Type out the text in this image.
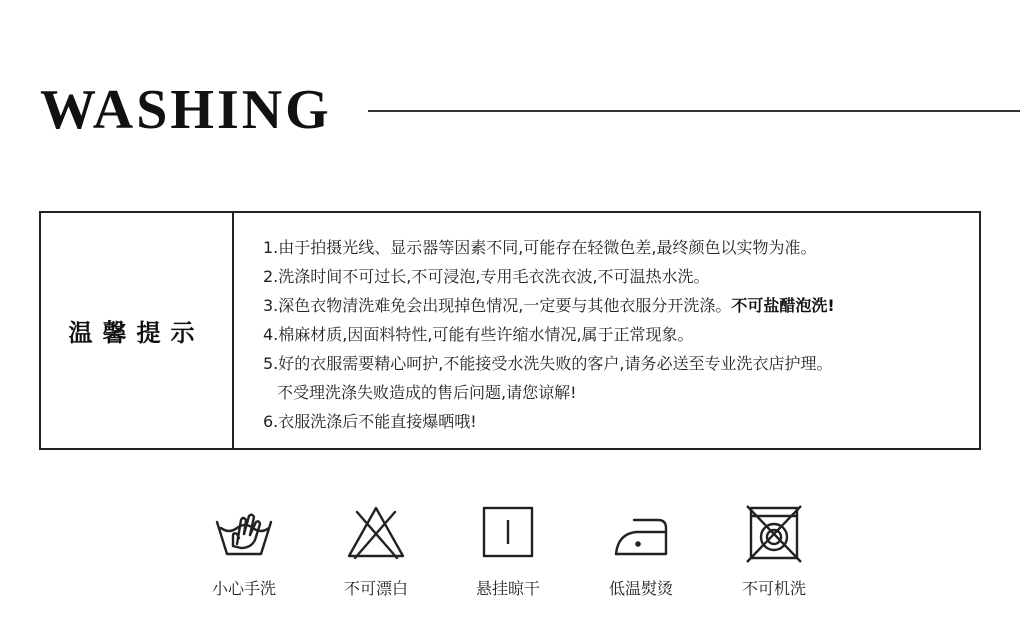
WASHING
温馨提示
1.由于拍摄光线、显示器等因素不同,可能存在轻微色差,最终颜色以实物为准。
2.洗涤时间不可过长,不可浸泡,专用毛衣洗衣波,不可温热水洗。
3.深色衣物清洗难免会出现掉色情况,一定要与其他衣服分开洗涤。不可盐醋泡洗!
4.棉麻材质,因面料特性,可能有些许缩水情况,属于正常现象。
5.好的衣服需要精心呵护,不能接受水洗失败的客户,请务必送至专业洗衣店护理。
不受理洗涤失败造成的售后问题,请您谅解!
6.衣服洗涤后不能直接爆晒哦!
小心手洗	不可漂白	悬挂晾干	低温熨烫	不可机洗
